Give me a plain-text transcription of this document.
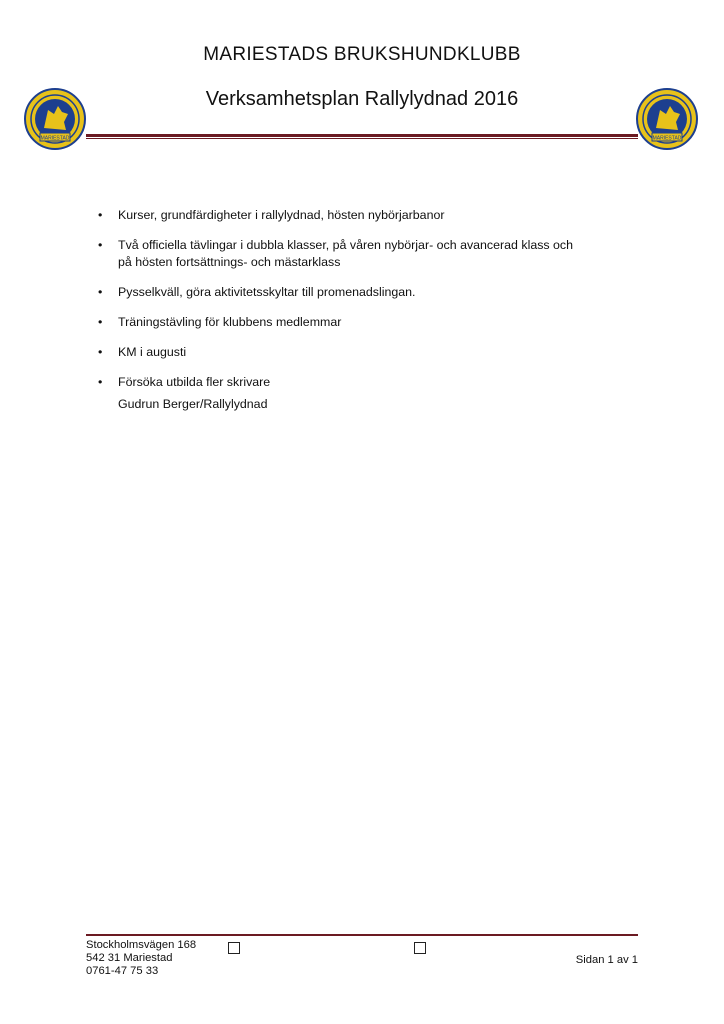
MARIESTADS BRUKSHUNDKLUBB
Verksamhetsplan Rallylydnad 2016
MARIESTAD	MARIESTAD
• Kurser, grundfärdigheter i rallylydnad, hösten nybörjarbanor
• Två officiella tävlingar i dubbla klasser, på våren nybörjar- och avancerad klass och
på hösten fortsättnings- och mästarklass
• Pysselkväll, göra aktivitetsskyltar till promenadslingan.
• Träningstävling för klubbens medlemmar
• KM i augusti
• Försöka utbilda fler skrivare
Gudrun Berger/Rallylydnad
Stockholmsvägen 168
542 31 Mariestad
0761-47 75 33
Sidan 1 av 1
